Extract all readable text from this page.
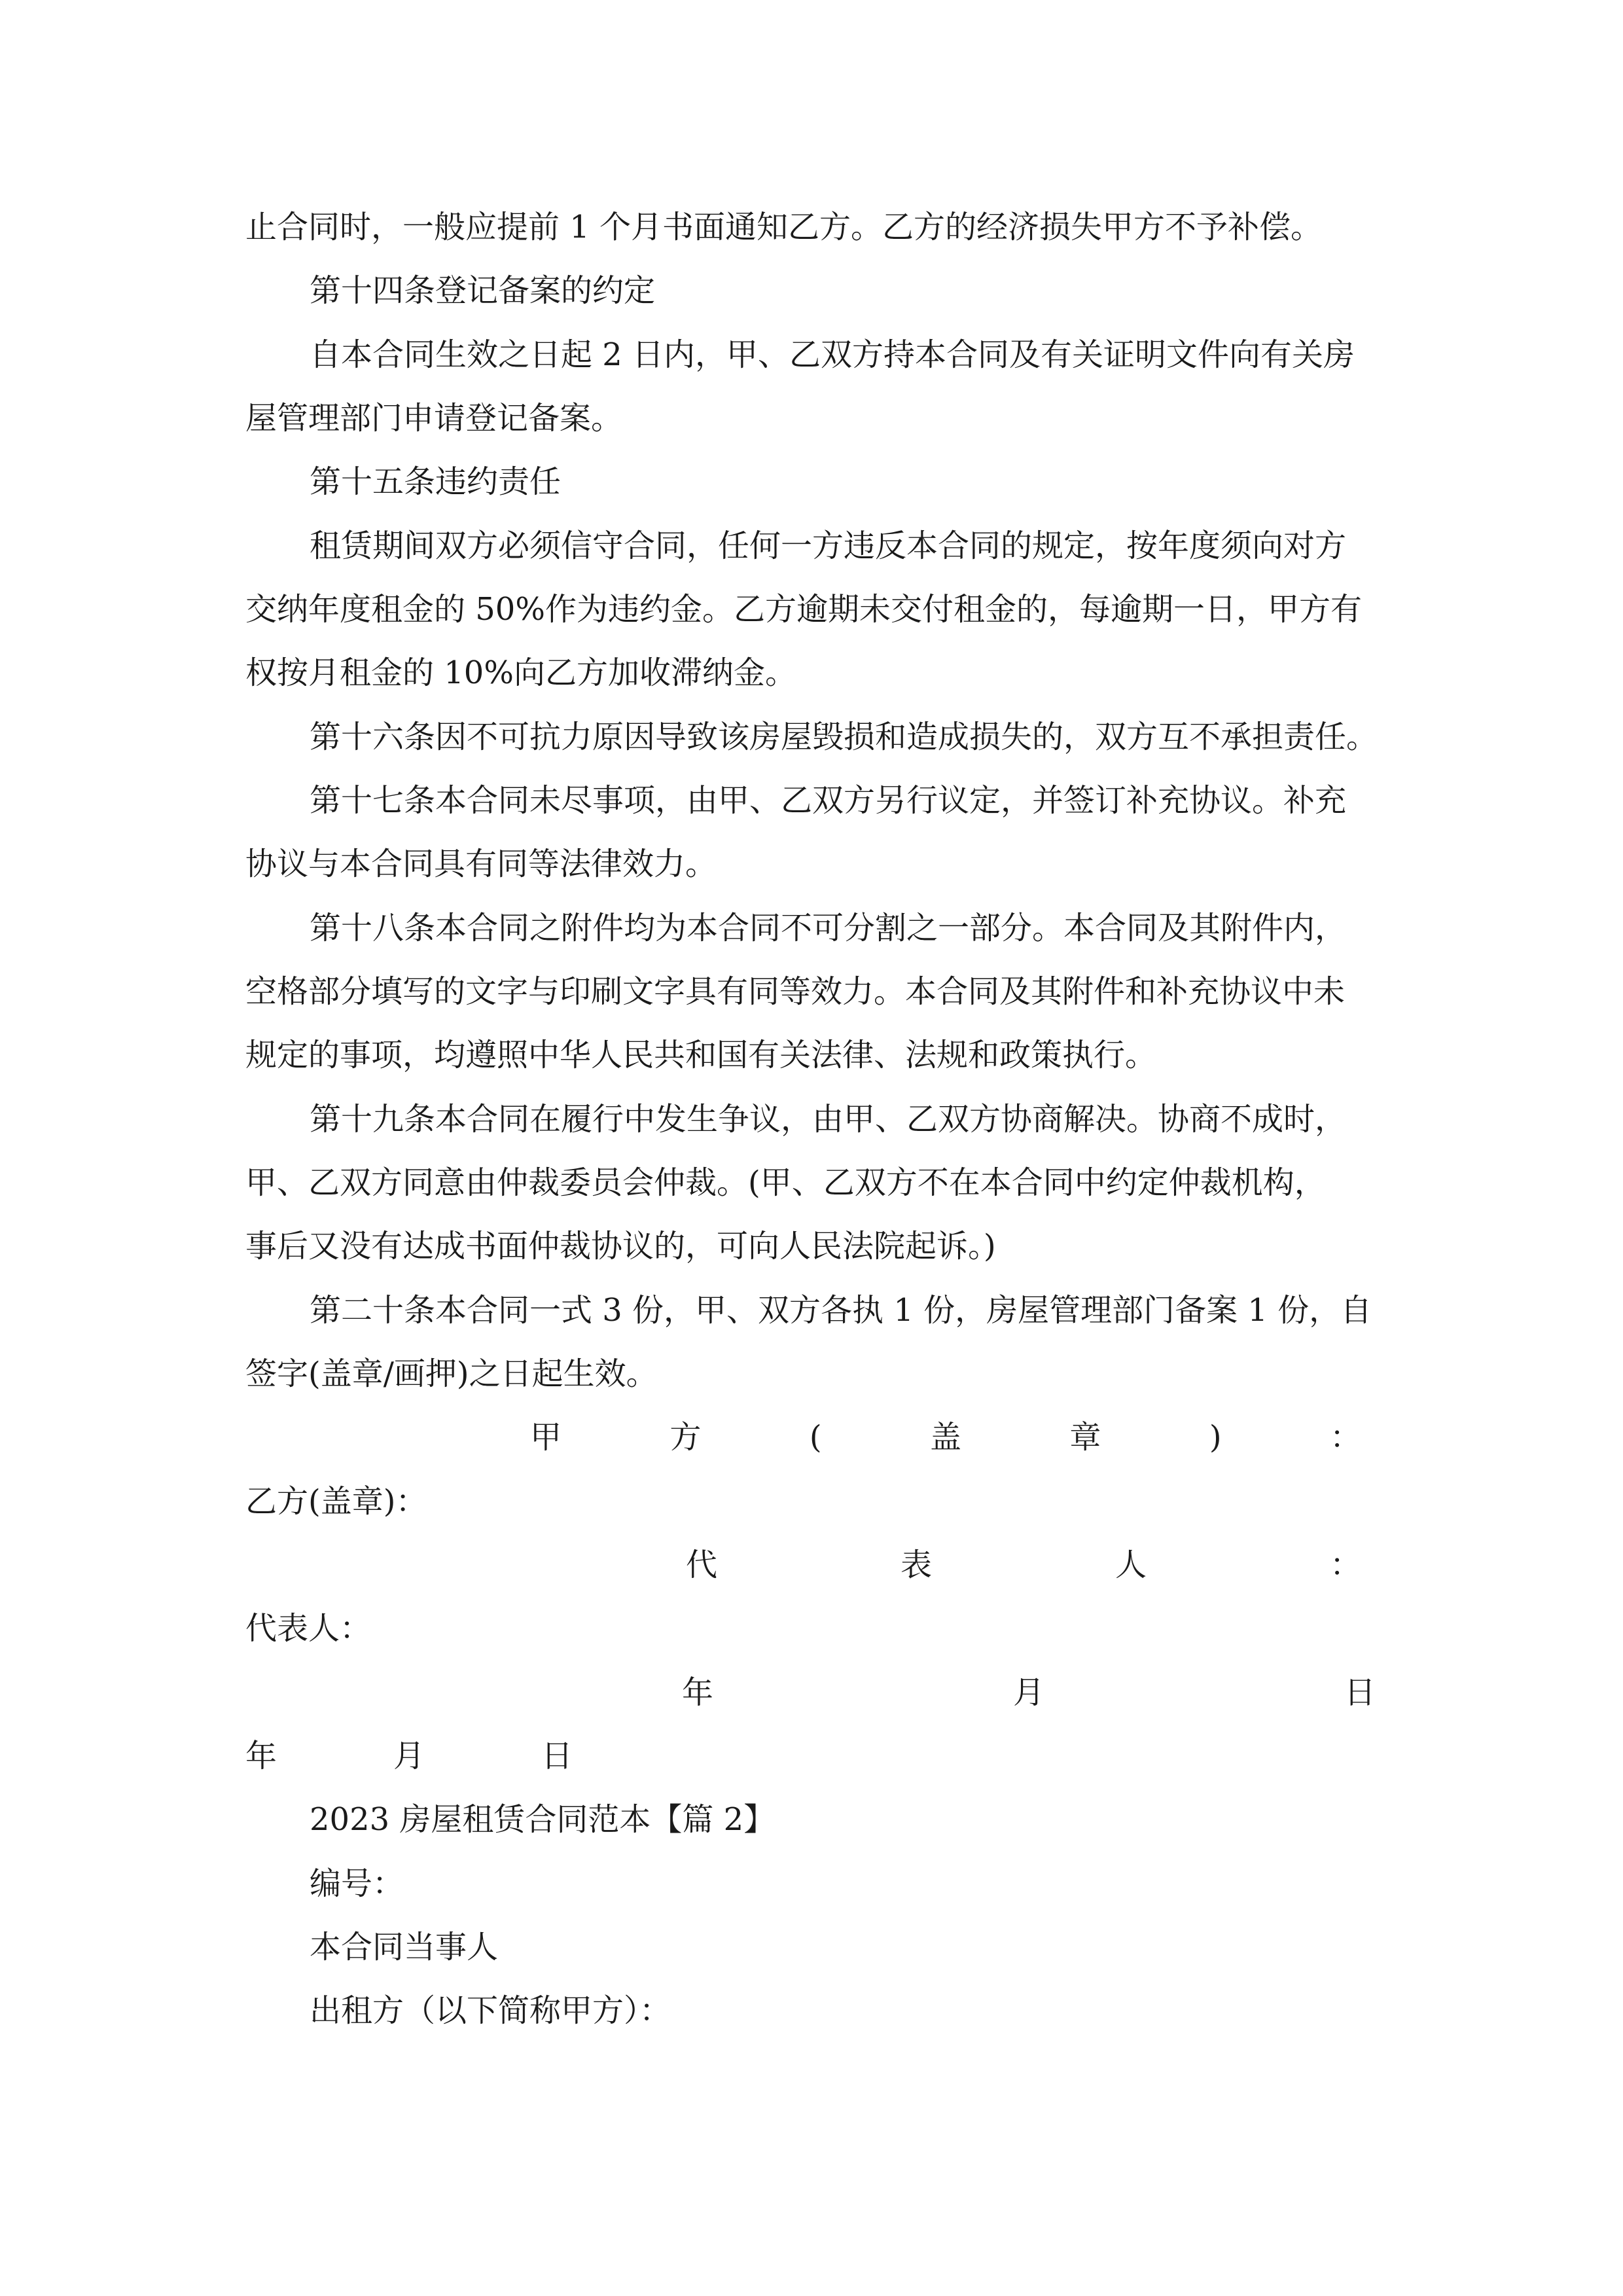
止合同时，一般应提前 1 个月书面通知乙方。乙方的经济损失甲方不予补偿。
第十四条登记备案的约定
自本合同生效之日起 2 日内，甲、乙双方持本合同及有关证明文件向有关房
屋管理部门申请登记备案。
第十五条违约责任
租赁期间双方必须信守合同，任何一方违反本合同的规定，按年度须向对方
交纳年度租金的 50%作为违约金。乙方逾期未交付租金的，每逾期一日，甲方有
权按月租金的 10%向乙方加收滞纳金。
第十六条因不可抗力原因导致该房屋毁损和造成损失的，双方互不承担责任。
第十七条本合同未尽事项，由甲、乙双方另行议定，并签订补充协议。补充
协议与本合同具有同等法律效力。
第十八条本合同之附件均为本合同不可分割之一部分。本合同及其附件内，
空格部分填写的文字与印刷文字具有同等效力。本合同及其附件和补充协议中未
规定的事项，均遵照中华人民共和国有关法律、法规和政策执行。
第十九条本合同在履行中发生争议，由甲、乙双方协商解决。协商不成时，
甲、乙双方同意由仲裁委员会仲裁。(甲、乙双方不在本合同中约定仲裁机构，
事后又没有达成书面仲裁协议的，可向人民法院起诉。)
第二十条本合同一式 3 份，甲、双方各执 1 份，房屋管理部门备案 1 份，自
签字(盖章/画押)之日起生效。
甲	方	(	盖	章	)	：
乙方(盖章)：
代	表	人	：
代表人：
年	月	日
年	月	日
2023 房屋租赁合同范本【篇 2】
编号：
本合同当事人
出租方（以下简称甲方）：
